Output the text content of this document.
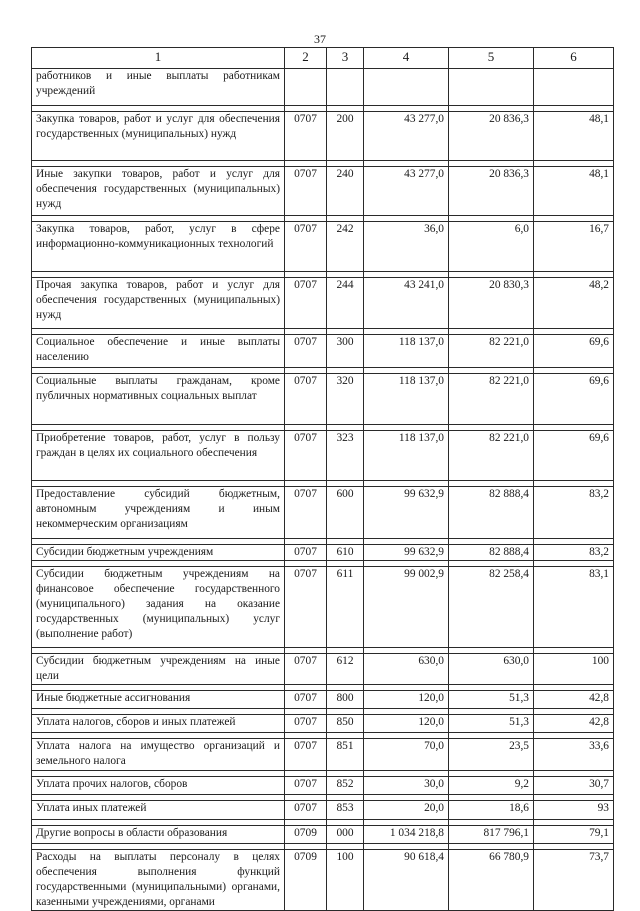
37
1	2	3	4	5	6
работников и иные выплаты работникам учреждений					

Закупка товаров, работ и услуг для обеспечения государственных (муниципальных) нужд	0707	200	43 277,0	20 836,3	48,1

Иные закупки товаров, работ и услуг для обеспечения государственных (муниципальных) нужд	0707	240	43 277,0	20 836,3	48,1

Закупка товаров, работ, услуг в сфере информационно-коммуникационных технологий	0707	242	36,0	6,0	16,7

Прочая закупка товаров, работ и услуг для обеспечения государственных (муниципальных) нужд	0707	244	43 241,0	20 830,3	48,2

Социальное обеспечение и иные выплаты населению	0707	300	118 137,0	82 221,0	69,6

Социальные выплаты гражданам, кроме публичных нормативных социальных выплат	0707	320	118 137,0	82 221,0	69,6

Приобретение товаров, работ, услуг в пользу граждан в целях их социального обеспечения	0707	323	118 137,0	82 221,0	69,6

Предоставление субсидий бюджетным, автономным учреждениям и иным некоммерческим организациям	0707	600	99 632,9	82 888,4	83,2

Субсидии бюджетным учреждениям	0707	610	99 632,9	82 888,4	83,2

Субсидии бюджетным учреждениям на финансовое обеспечение государственного (муниципального) задания на оказание государственных (муниципальных) услуг (выполнение работ)	0707	611	99 002,9	82 258,4	83,1

Субсидии бюджетным учреждениям на иные цели	0707	612	630,0	630,0	100

Иные бюджетные ассигнования	0707	800	120,0	51,3	42,8

Уплата налогов, сборов и иных платежей	0707	850	120,0	51,3	42,8

Уплата налога на имущество организаций и земельного налога	0707	851	70,0	23,5	33,6

Уплата прочих налогов, сборов	0707	852	30,0	9,2	30,7

Уплата иных платежей	0707	853	20,0	18,6	93

Другие вопросы в области образования	0709	000	1 034 218,8	817 796,1	79,1

Расходы на выплаты персоналу в целях обеспечения выполнения функций государственными (муниципальными) органами, казенными учреждениями, органами	0709	100	90 618,4	66 780,9	73,7
